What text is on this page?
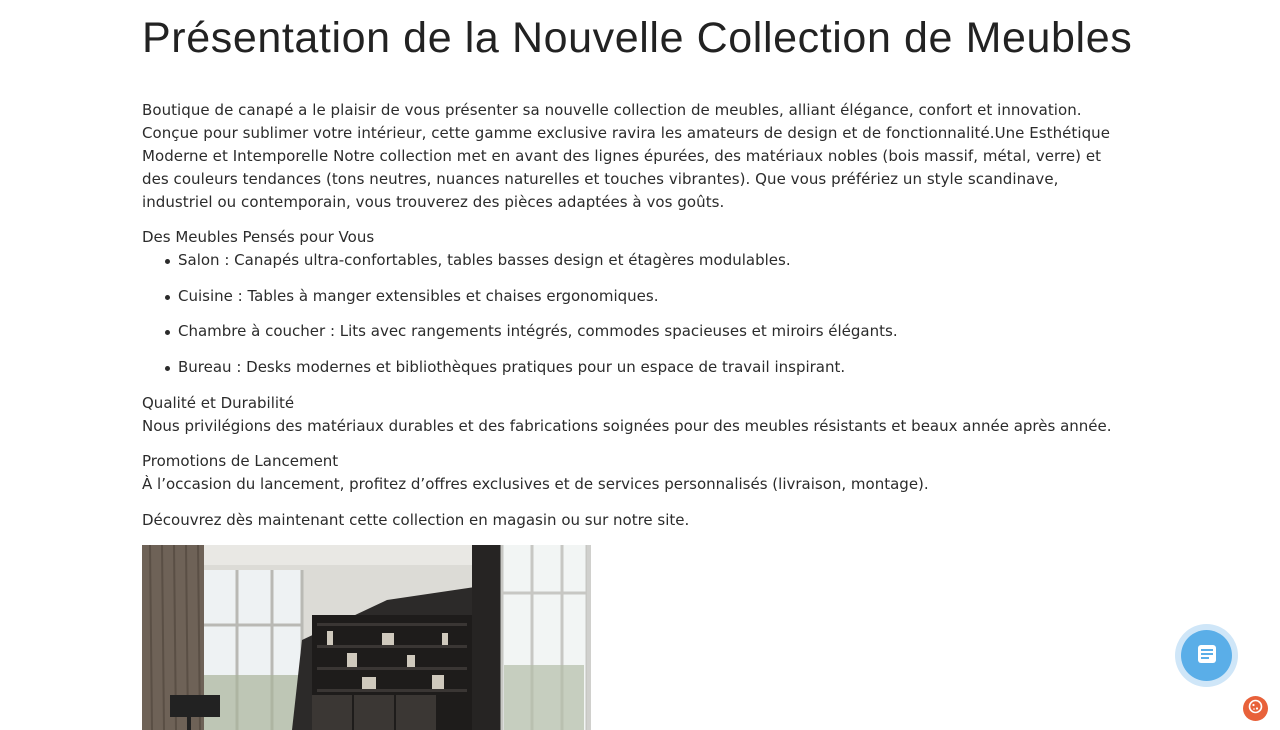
Présentation de la Nouvelle Collection de Meubles

Boutique de canapé a le plaisir de vous présenter sa nouvelle collection de meubles, alliant élégance, confort et innovation. Conçue pour sublimer votre intérieur, cette gamme exclusive ravira les amateurs de design et de fonctionnalité.Une Esthétique Moderne et Intemporelle Notre collection met en avant des lignes épurées, des matériaux nobles (bois massif, métal, verre) et des couleurs tendances (tons neutres, nuances naturelles et touches vibrantes). Que vous préfériez un style scandinave, industriel ou contemporain, vous trouverez des pièces adaptées à vos goûts.

Des Meubles Pensés pour Vous
Salon : Canapés ultra-confortables, tables basses design et étagères modulables.
Cuisine : Tables à manger extensibles et chaises ergonomiques.
Chambre à coucher : Lits avec rangements intégrés, commodes spacieuses et miroirs élégants.
Bureau : Desks modernes et bibliothèques pratiques pour un espace de travail inspirant.
Qualité et Durabilité
Nous privilégions des matériaux durables et des fabrications soignées pour des meubles résistants et beaux année après année.
Promotions de Lancement
À l’occasion du lancement, profitez d’offres exclusives et de services personnalisés (livraison, montage).
Découvrez dès maintenant cette collection en magasin ou sur notre site.
